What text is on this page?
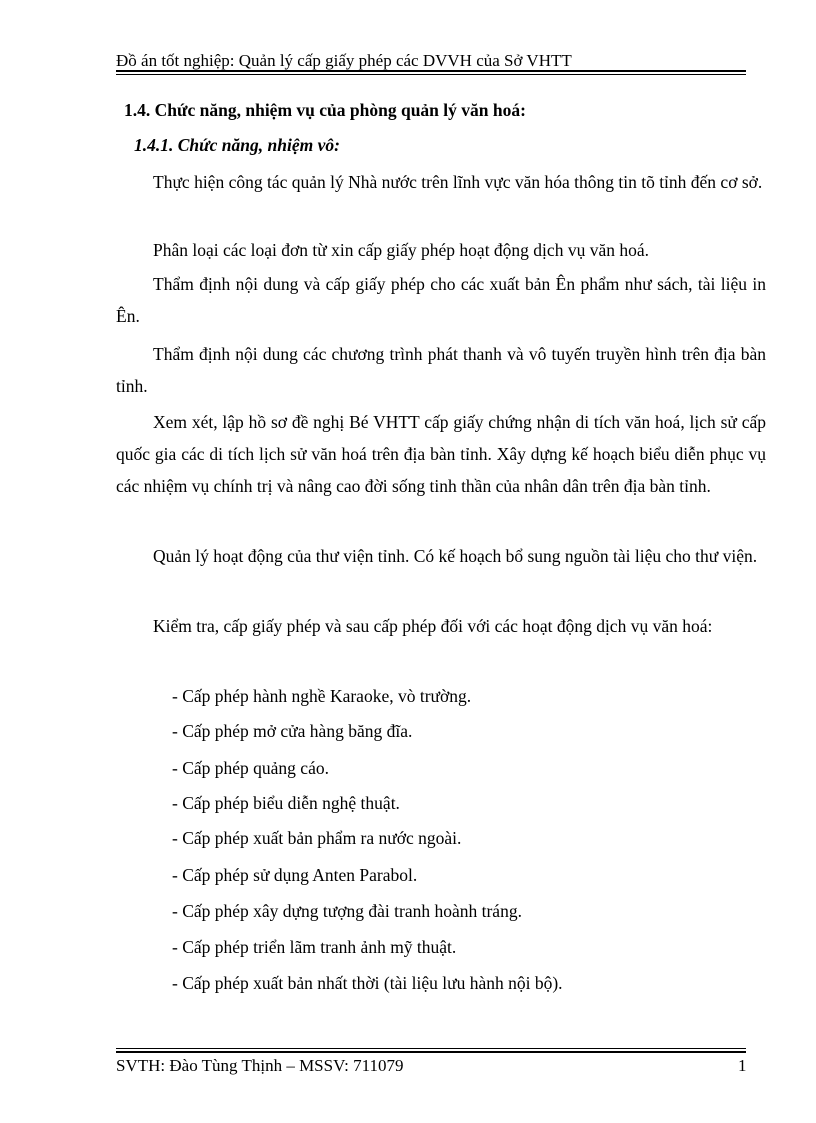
Đồ án tốt nghiệp: Quản lý cấp giấy phép các DVVH của Sở VHTT

1.4. Chức năng, nhiệm vụ của phòng quản lý văn hoá:

1.4.1. Chức năng, nhiệm vô:

Thực hiện công tác quản lý Nhà nước trên lĩnh vực văn hóa thông tin tõ tỉnh đến cơ sở.

Phân loại các loại đơn từ xin cấp giấy phép hoạt động dịch vụ văn hoá.

Thẩm định nội dung và cấp giấy phép cho các xuất bản Ên phẩm như sách, tài liệu in Ên.

Thẩm định nội dung các chương trình phát thanh và vô tuyến truyền hình trên địa bàn tỉnh.

Xem xét, lập hồ sơ đề nghị Bé VHTT cấp giấy chứng nhận di tích văn hoá, lịch sử cấp quốc gia các di tích lịch sử văn hoá trên địa bàn tỉnh. Xây dựng kế hoạch biểu diễn phục vụ các nhiệm vụ chính trị và nâng cao đời sống tinh thần của nhân dân trên địa bàn tỉnh.

Quản lý hoạt động của thư viện tỉnh. Có kế hoạch bổ sung nguồn tài liệu cho thư viện.

Kiểm tra, cấp giấy phép và sau cấp phép đối với các hoạt động dịch vụ văn hoá:

- Cấp phép hành nghề Karaoke, vò trường.
- Cấp phép mở cửa hàng băng đĩa.
- Cấp phép quảng cáo.
- Cấp phép biểu diễn nghệ thuật.
- Cấp phép xuất bản phẩm ra nước ngoài.
- Cấp phép sử dụng Anten Parabol.
- Cấp phép xây dựng tượng đài tranh hoành tráng.
- Cấp phép triển lãm tranh ảnh mỹ thuật.
- Cấp phép xuất bản nhất thời (tài liệu lưu hành nội bộ).
SVTH: Đào Tùng Thịnh – MSSV: 711079	1
